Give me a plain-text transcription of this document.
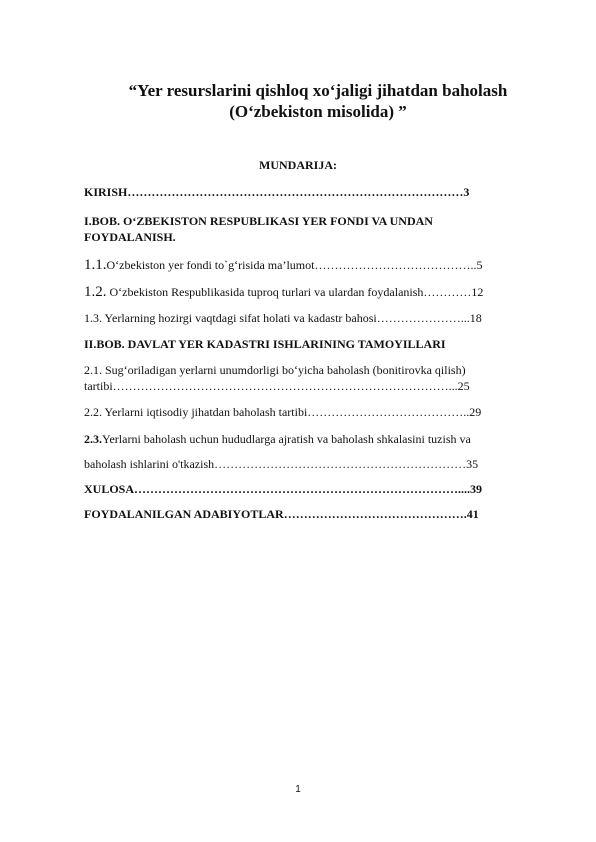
“Yer resurslarini qishloq xo‘jaligi jihatdan baholash
(O‘zbekiston misolida) ”
MUNDARIJA:
KIRISH…………………………………………………………………………3
I.BOB. O‘ZBEKISTON RESPUBLIKASI YER FONDI VA UNDAN
FOYDALANISH.
1.1.O‘zbekiston yer fondi to`g‘risida ma’lumot…………………………………..5
1.2. O‘zbekiston Respublikasida tuproq turlari va ulardan foydalanish…………12
1.3. Yerlarning hozirgi vaqtdagi sifat holati va kadastr bahosi…………………...18
II.BOB. DAVLAT YER KADASTRI ISHLARINING TAMOYILLARI
2.1. Sug‘oriladigan yerlarni unumdorligi bo‘yicha baholash (bonitirovka qilish)
tartibi…………………………………………………………………………...25
2.2. Yerlarni iqtisodiy jihatdan baholash tartibi…………………………………..29
2.3.Yerlarni baholash uchun hududlarga ajratish va baholash shkalasini tuzish va
baholash ishlarini o'tkazish………………………………………………………35
XULOSA………………………………………………………………………....39
FOYDALANILGAN ADABIYOTLAR……………………………………….41
1
